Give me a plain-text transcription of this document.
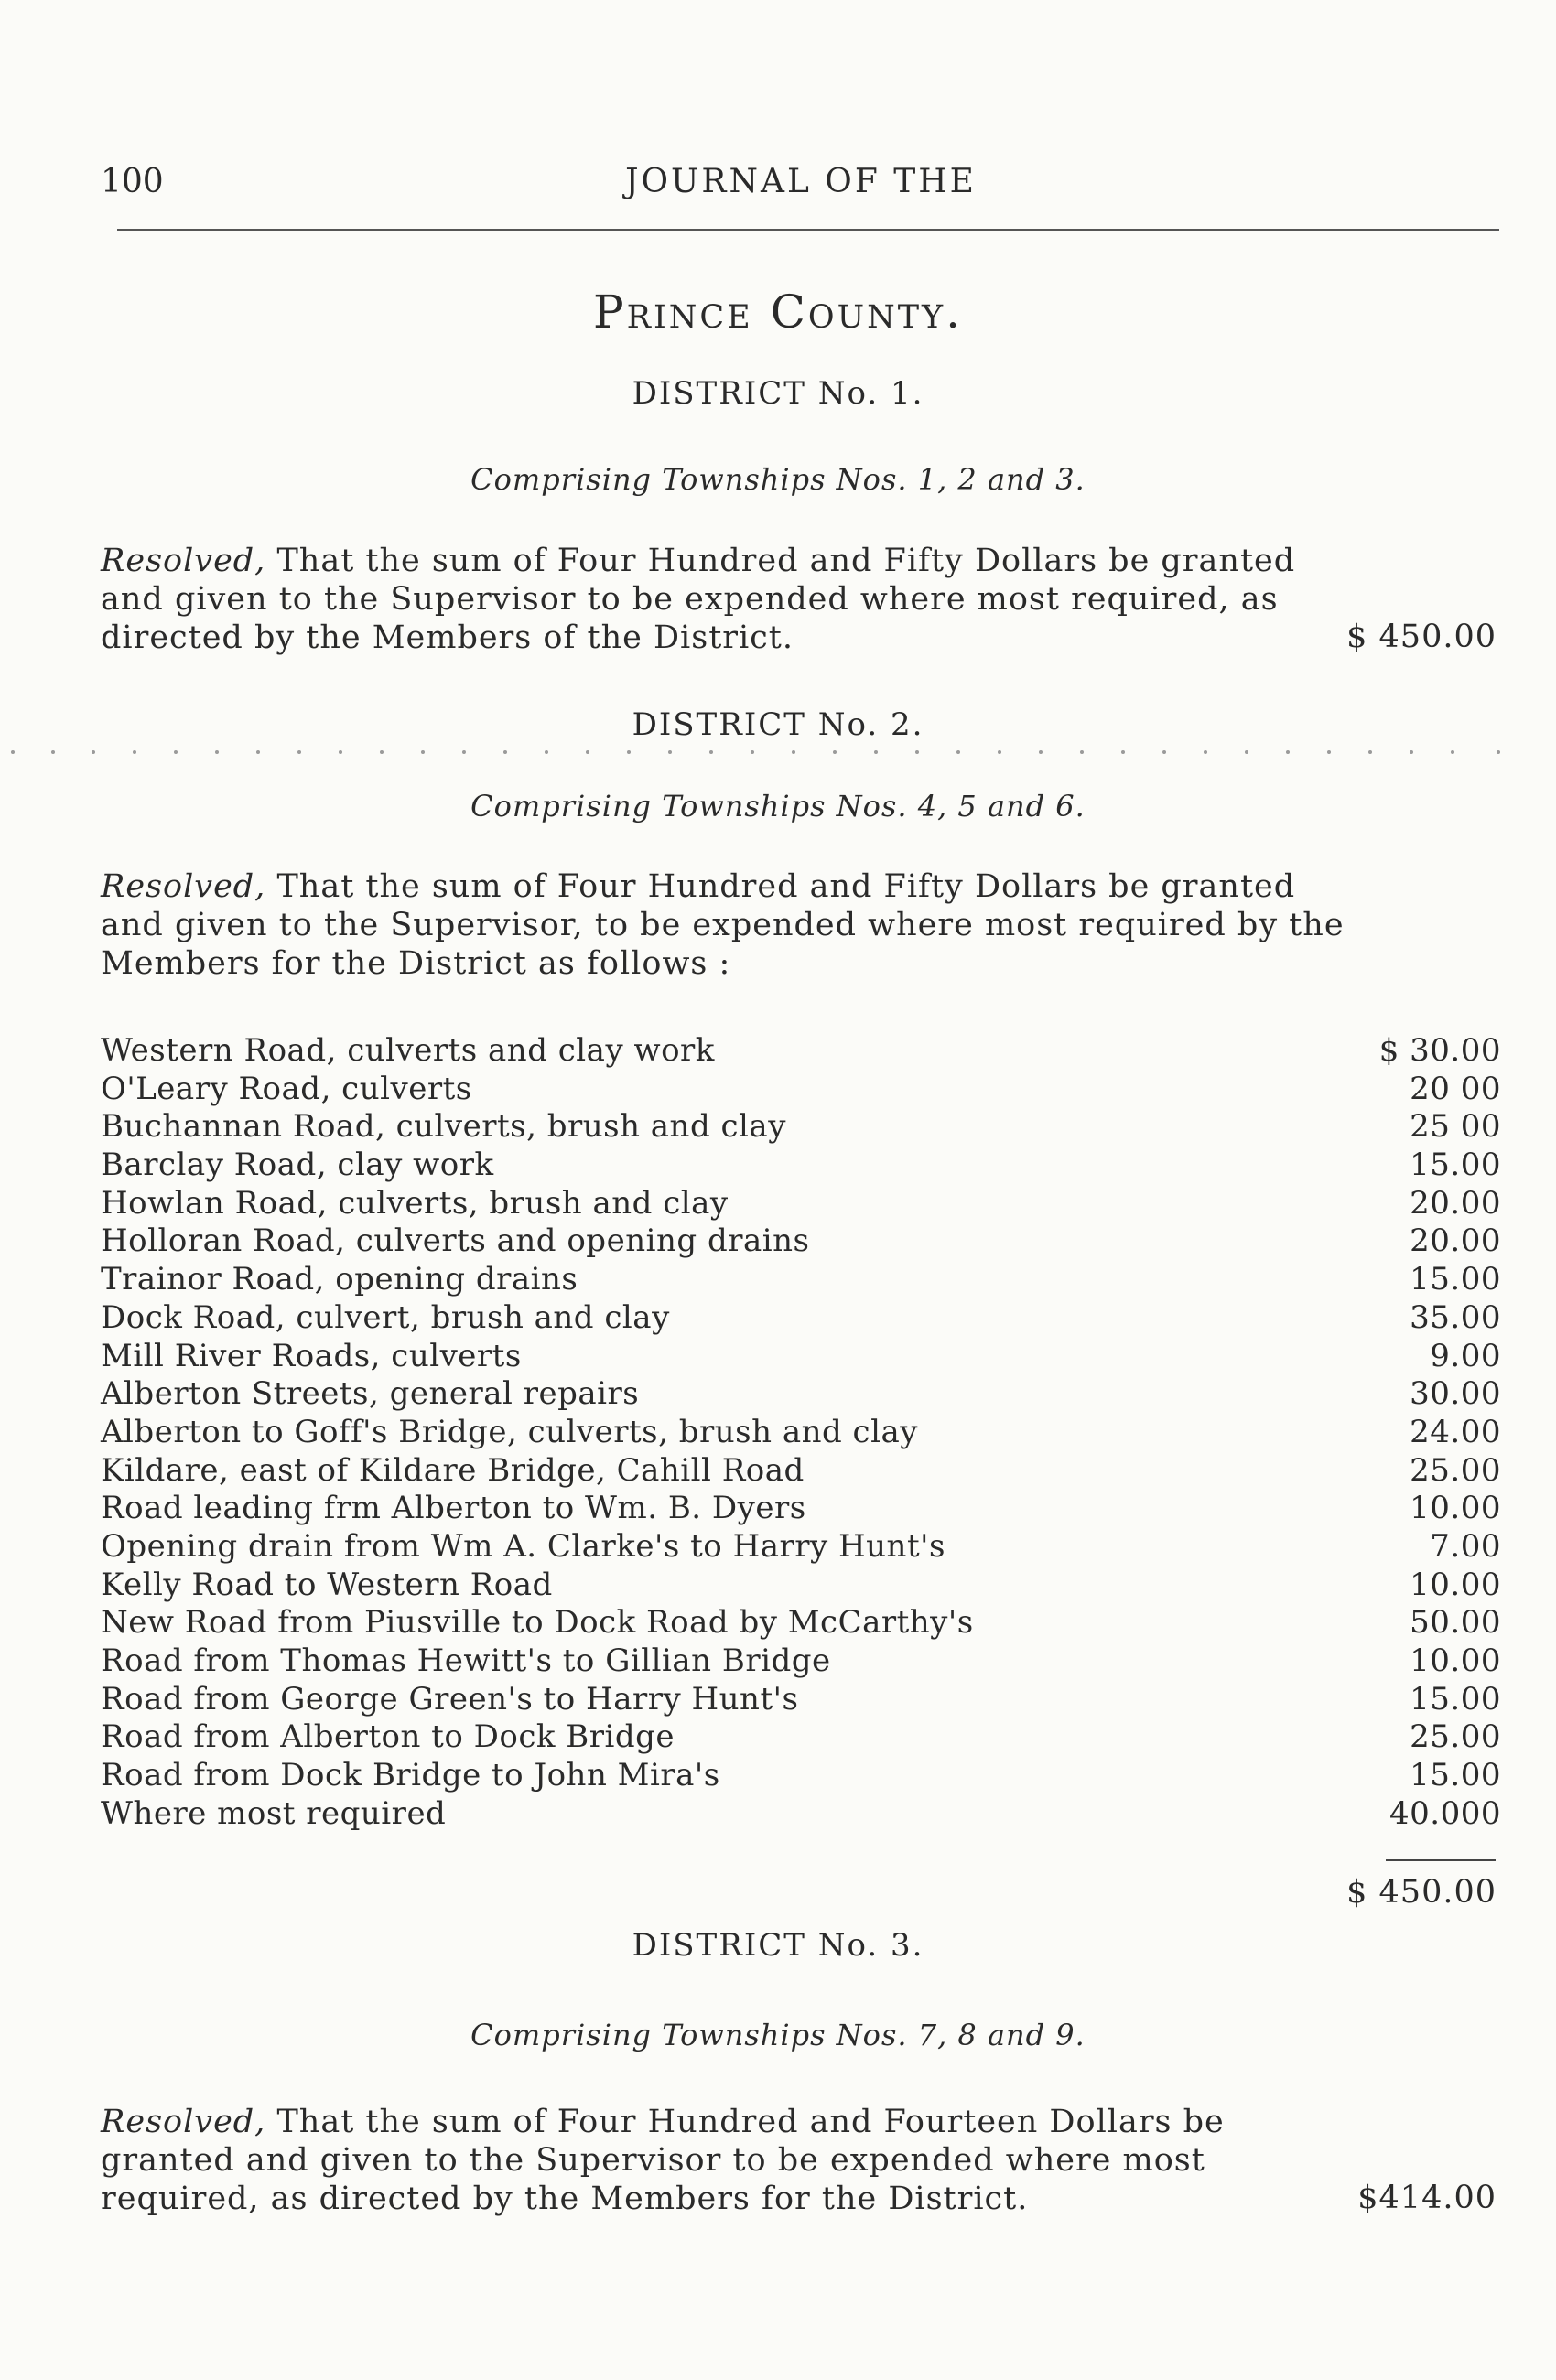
100	JOURNAL OF THE
Prince County.
DISTRICT No. 1.
Comprising Townships Nos. 1, 2 and 3.

Resolved, That the sum of Four Hundred and Fifty Dollars be granted and given to the Supervisor to be expended where most required, as directed by the Members of the District.	$ 450.00
DISTRICT No. 2.
Comprising Townships Nos. 4, 5 and 6.

Resolved, That the sum of Four Hundred and Fifty Dollars be granted and given to the Supervisor, to be expended where most required by the Members for the District as follows :

Western Road, culverts and clay work	$ 30.00
O'Leary Road, culverts	20 00
Buchannan Road, culverts, brush and clay	25 00
Barclay Road, clay work	15.00
Howlan Road, culverts, brush and clay	20.00
Holloran Road, culverts and opening drains	20.00
Trainor Road, opening drains	15.00
Dock Road, culvert, brush and clay	35.00
Mill River Roads, culverts	9.00
Alberton Streets, general repairs	30.00
Alberton to Goff's Bridge, culverts, brush and clay	24.00
Kildare, east of Kildare Bridge, Cahill Road	25.00
Road leading frm Alberton to Wm. B. Dyers	10.00
Opening drain from Wm A. Clarke's to Harry Hunt's	7.00
Kelly Road to Western Road	10.00
New Road from Piusville to Dock Road by McCarthy's	50.00
Road from Thomas Hewitt's to Gillian Bridge	10.00
Road from George Green's to Harry Hunt's	15.00
Road from Alberton to Dock Bridge	25.00
Road from Dock Bridge to John Mira's	15.00
Where most required	40.000
$ 450.00
DISTRICT No. 3.
Comprising Townships Nos. 7, 8 and 9.

Resolved, That the sum of Four Hundred and Fourteen Dollars be granted and given to the Supervisor to be expended where most required, as directed by the Members for the District.	$414.00
